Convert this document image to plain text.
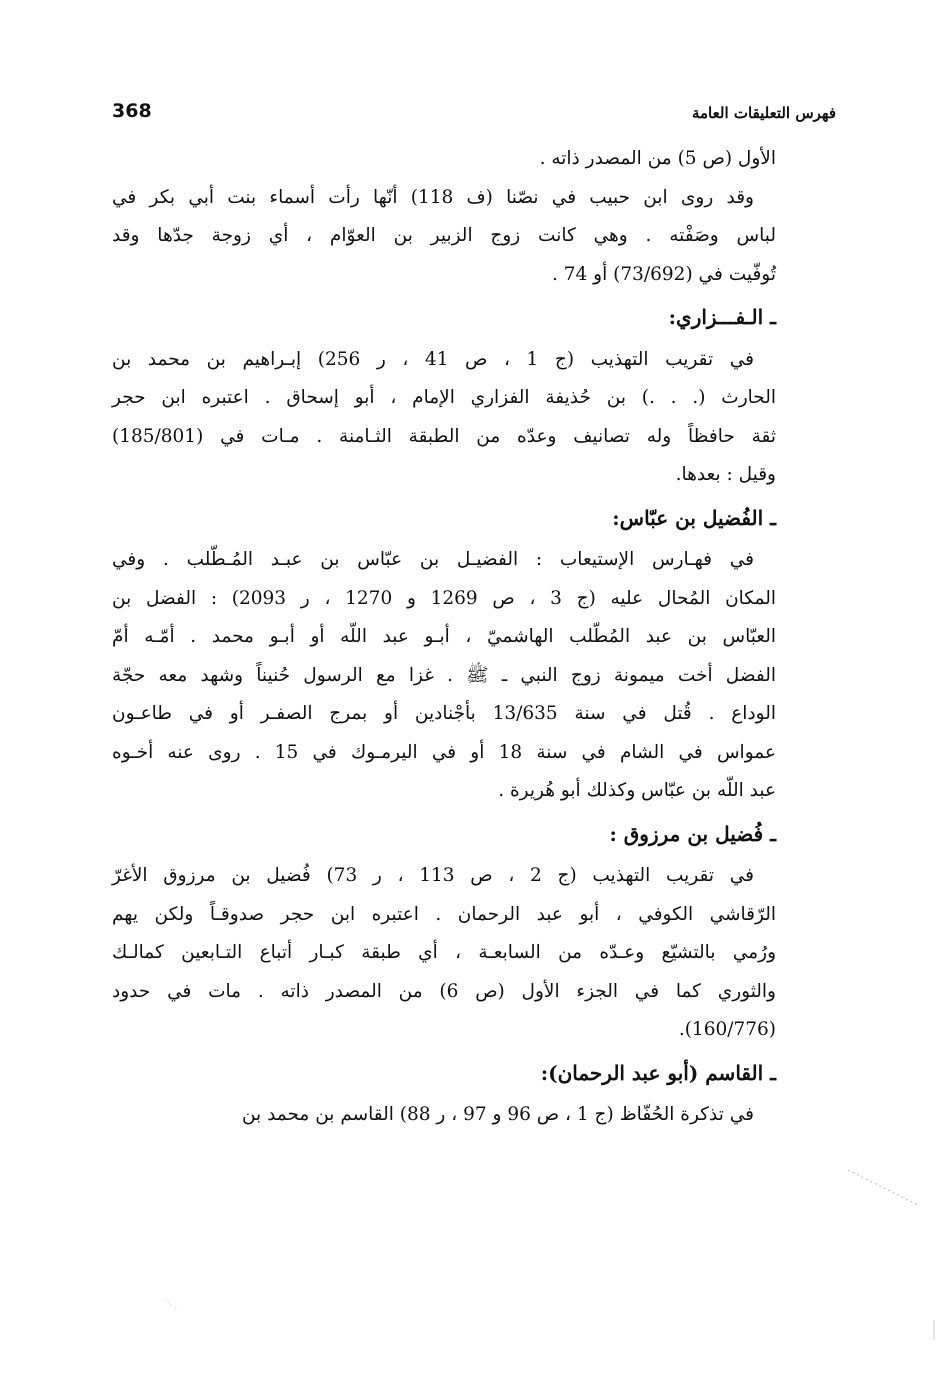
368	فهرس التعليقات العامة
الأول (ص 5) من المصدر ذاته .
وقد روى ابن حبيب في نصّنا (ف 118) أنّها رأت أسماء بنت أبي بكر في
لباس وصَفْته . وهي كانت زوج الزبير بن العوّام ، أي زوجة جدّها وقد
تُوفّيت في (73/692) أو 74 .
ـ الـفـــزاري:
في تقريب التهذيب (ج 1 ، ص 41 ، ر 256) إبـراهيم بن محمد بن
الحارث (. . .) بن حُذيفة الفزاري الإمام ، أبو إسحاق . اعتبره ابن حجر
ثقة حافظاً وله تصانيف وعدّه من الطبقة الثـامنة . مـات في (185/801)
وقيل : بعدها.
ـ الفُضيل بن عبّاس:
في فهـارس الإستيعاب : الفضيـل بن عبّاس بن عبـد المُـطّلب . وفي
المكان المُحال عليه (ج 3 ، ص 1269 و 1270 ، ر 2093) : الفضل بن
العبّاس بن عبد المُطّلب الهاشميّ ، أبـو عبد اللّه أو أبـو محمد . أمّـه أمّ
الفضل أخت ميمونة زوج النبي ـ ﷺ . غزا مع الرسول حُنيناً وشهد معه حجّة
الوداع . قُتل في سنة 13/635 بأجْنادين أو بمرج الصفـر أو في طاعـون
عمواس في الشام في سنة 18 أو في اليرمـوك في 15 . روى عنه أخـوه
عبد اللّه بن عبّاس وكذلك أبو هُريرة .
ـ فُضيل بن مرزوق :
في تقريب التهذيب (ج 2 ، ص 113 ، ر 73) فُضيل بن مرزوق الأغرّ
الرّقاشي الكوفي ، أبو عبد الرحمان . اعتبره ابن حجر صدوقـاً ولكن يهم
ورُمي بالتشيّع وعـدّه من السابعـة ، أي طبقة كبـار أتباع التـابعين كمالـك
والثوري كما في الجزء الأول (ص 6) من المصدر ذاته . مات في حدود
(160/776).
ـ القاسم (أبو عبد الرحمان):
في تذكرة الحُفّاظ (ج 1 ، ص 96 و 97 ، ر 88) القاسم بن محمد بن
